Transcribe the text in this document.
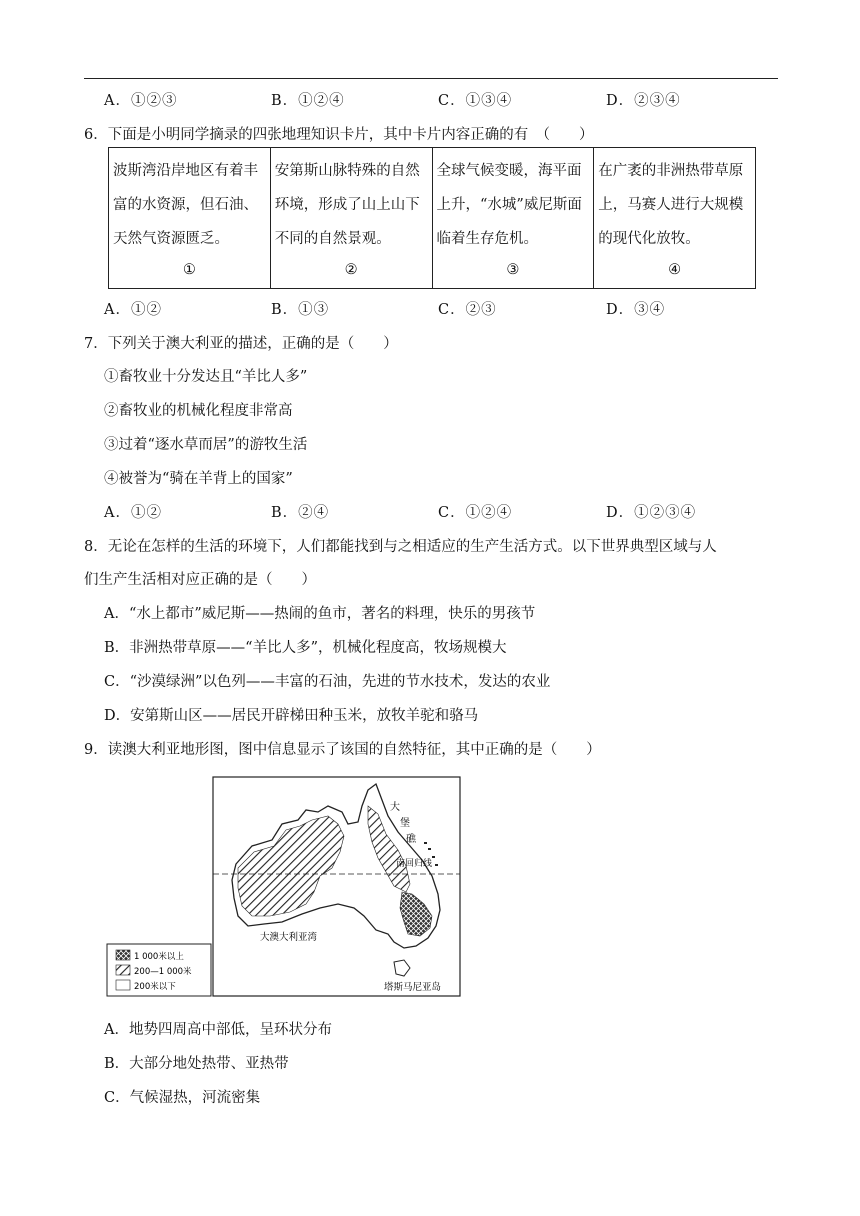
A．①②③	B．①②④	C．①③④	D．②③④
6．下面是小明同学摘录的四张地理知识卡片，其中卡片内容正确的有　（　　）
波斯湾沿岸地区有着丰富的水资源，但石油、天然气资源匮乏。
①

安第斯山脉特殊的自然环境，形成了山上山下不同的自然景观。
②

全球气候变暖，海平面上升，“水城”威尼斯面临着生存危机。
③

在广袤的非洲热带草原上，马赛人进行大规模的现代化放牧。
④
A．①②	B．①③	C．②③	D．③④
7．下列关于澳大利亚的描述，正确的是（　　）
①畜牧业十分发达且“羊比人多”
②畜牧业的机械化程度非常高
③过着“逐水草而居”的游牧生活
④被誉为“骑在羊背上的国家”
A．①②	B．②④	C．①②④	D．①②③④
8．无论在怎样的生活的环境下，人们都能找到与之相适应的生产生活方式。以下世界典型区域与人
们生产生活相对应正确的是（　　）
A．“水上都市”威尼斯——热闹的鱼市，著名的料理，快乐的男孩节
B．非洲热带草原——“羊比人多”，机械化程度高，牧场规模大
C．“沙漠绿洲”以色列——丰富的石油，先进的节水技术，发达的农业
D．安第斯山区——居民开辟梯田种玉米，放牧羊驼和骆马
9．读澳大利亚地形图，图中信息显示了该国的自然特征，其中正确的是（　　）
大
堡
礁
南回归线
大澳大利亚湾
塔斯马尼亚岛
1 000米以上
200—1 000米
200米以下
A．地势四周高中部低，呈环状分布
B．大部分地处热带、亚热带
C．气候湿热，河流密集
